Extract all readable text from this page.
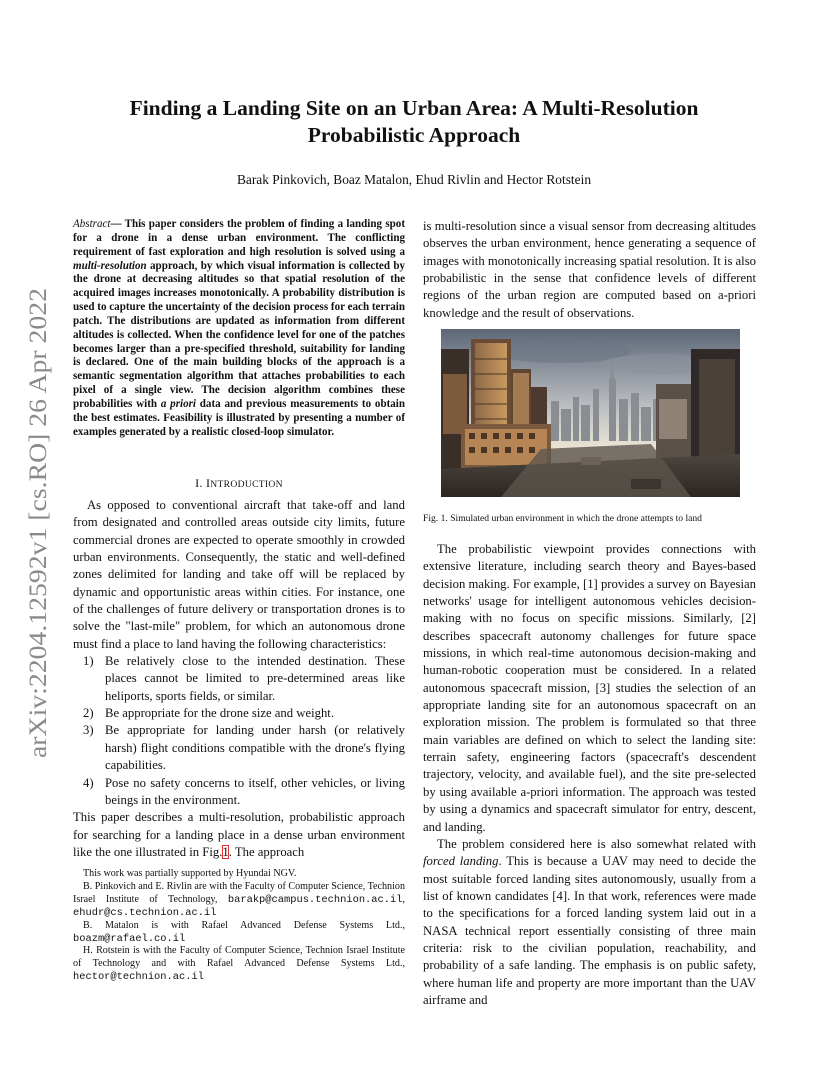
arXiv:2204.12592v1 [cs.RO] 26 Apr 2022
Finding a Landing Site on an Urban Area: A Multi-Resolution
Probabilistic Approach
Barak Pinkovich, Boaz Matalon, Ehud Rivlin and Hector Rotstein
Abstract— This paper considers the problem of finding a landing spot for a drone in a dense urban environment. The conflicting requirement of fast exploration and high resolution is solved using a multi-resolution approach, by which visual information is collected by the drone at decreasing altitudes so that spatial resolution of the acquired images increases monotonically. A probability distribution is used to capture the uncertainty of the decision process for each terrain patch. The distributions are updated as information from different altitudes is collected. When the confidence level for one of the patches becomes larger than a pre-specified threshold, suitability for landing is declared. One of the main building blocks of the approach is a semantic segmentation algorithm that attaches probabilities to each pixel of a single view. The decision algorithm combines these probabilities with a priori data and previous measurements to obtain the best estimates. Feasibility is illustrated by presenting a number of examples generated by a realistic closed-loop simulator.
I. INTRODUCTION

As opposed to conventional aircraft that take-off and land from designated and controlled areas outside city limits, future commercial drones are expected to operate smoothly in crowded urban environments. Consequently, the static and well-defined zones delimited for landing and take off will be replaced by dynamic and opportunistic areas within cities. For instance, one of the challenges of future delivery or transportation drones is to solve the "last-mile" problem, for which an autonomous drone must find a place to land having the following characteristics:

1) Be relatively close to the intended destination. These places cannot be limited to pre-determined areas like heliports, sports fields, or similar.
2) Be appropriate for the drone size and weight.
3) Be appropriate for landing under harsh (or relatively harsh) flight conditions compatible with the drone's flying capabilities.
4) Pose no safety concerns to itself, other vehicles, or living beings in the environment.

This paper describes a multi-resolution, probabilistic approach for searching for a landing place in a dense urban environment like the one illustrated in Fig.1. The approach

This work was partially supported by Hyundai NGV.

B. Pinkovich and E. Rivlin are with the Faculty of Computer Science, Technion Israel Institute of Technology, barakp@campus.technion.ac.il, ehudr@cs.technion.ac.il

B. Matalon is with Rafael Advanced Defense Systems Ltd., boazm@rafael.co.il

H. Rotstein is with the Faculty of Computer Science, Technion Israel Institute of Technology and with Rafael Advanced Defense Systems Ltd., hector@technion.ac.il

is multi-resolution since a visual sensor from decreasing altitudes observes the urban environment, hence generating a sequence of images with monotonically increasing spatial resolution. It is also probabilistic in the sense that confidence levels of different regions of the urban region are computed based on a-priori knowledge and the result of observations.

Fig. 1. Simulated urban environment in which the drone attempts to land

The probabilistic viewpoint provides connections with extensive literature, including search theory and Bayes-based decision making. For example, [1] provides a survey on Bayesian networks' usage for intelligent autonomous vehicles decision-making with no focus on specific missions. Similarly, [2] describes spacecraft autonomy challenges for future space missions, in which real-time autonomous decision-making and human-robotic cooperation must be considered. In a related autonomous spacecraft mission, [3] studies the selection of an appropriate landing site for an autonomous spacecraft on an exploration mission. The problem is formulated so that three main variables are defined on which to select the landing site: terrain safety, engineering factors (spacecraft's descendent trajectory, velocity, and available fuel), and the site pre-selected by using available a-priori information. The approach was tested by using a dynamics and spacecraft simulator for entry, descent, and landing.

The problem considered here is also somewhat related with forced landing. This is because a UAV may need to decide the most suitable forced landing sites autonomously, usually from a list of known candidates [4]. In that work, references were made to the specifications for a forced landing system laid out in a NASA technical report essentially consisting of three main criteria: risk to the civilian population, reachability, and probability of a safe landing. The emphasis is on public safety, where human life and property are more important than the UAV airframe and
